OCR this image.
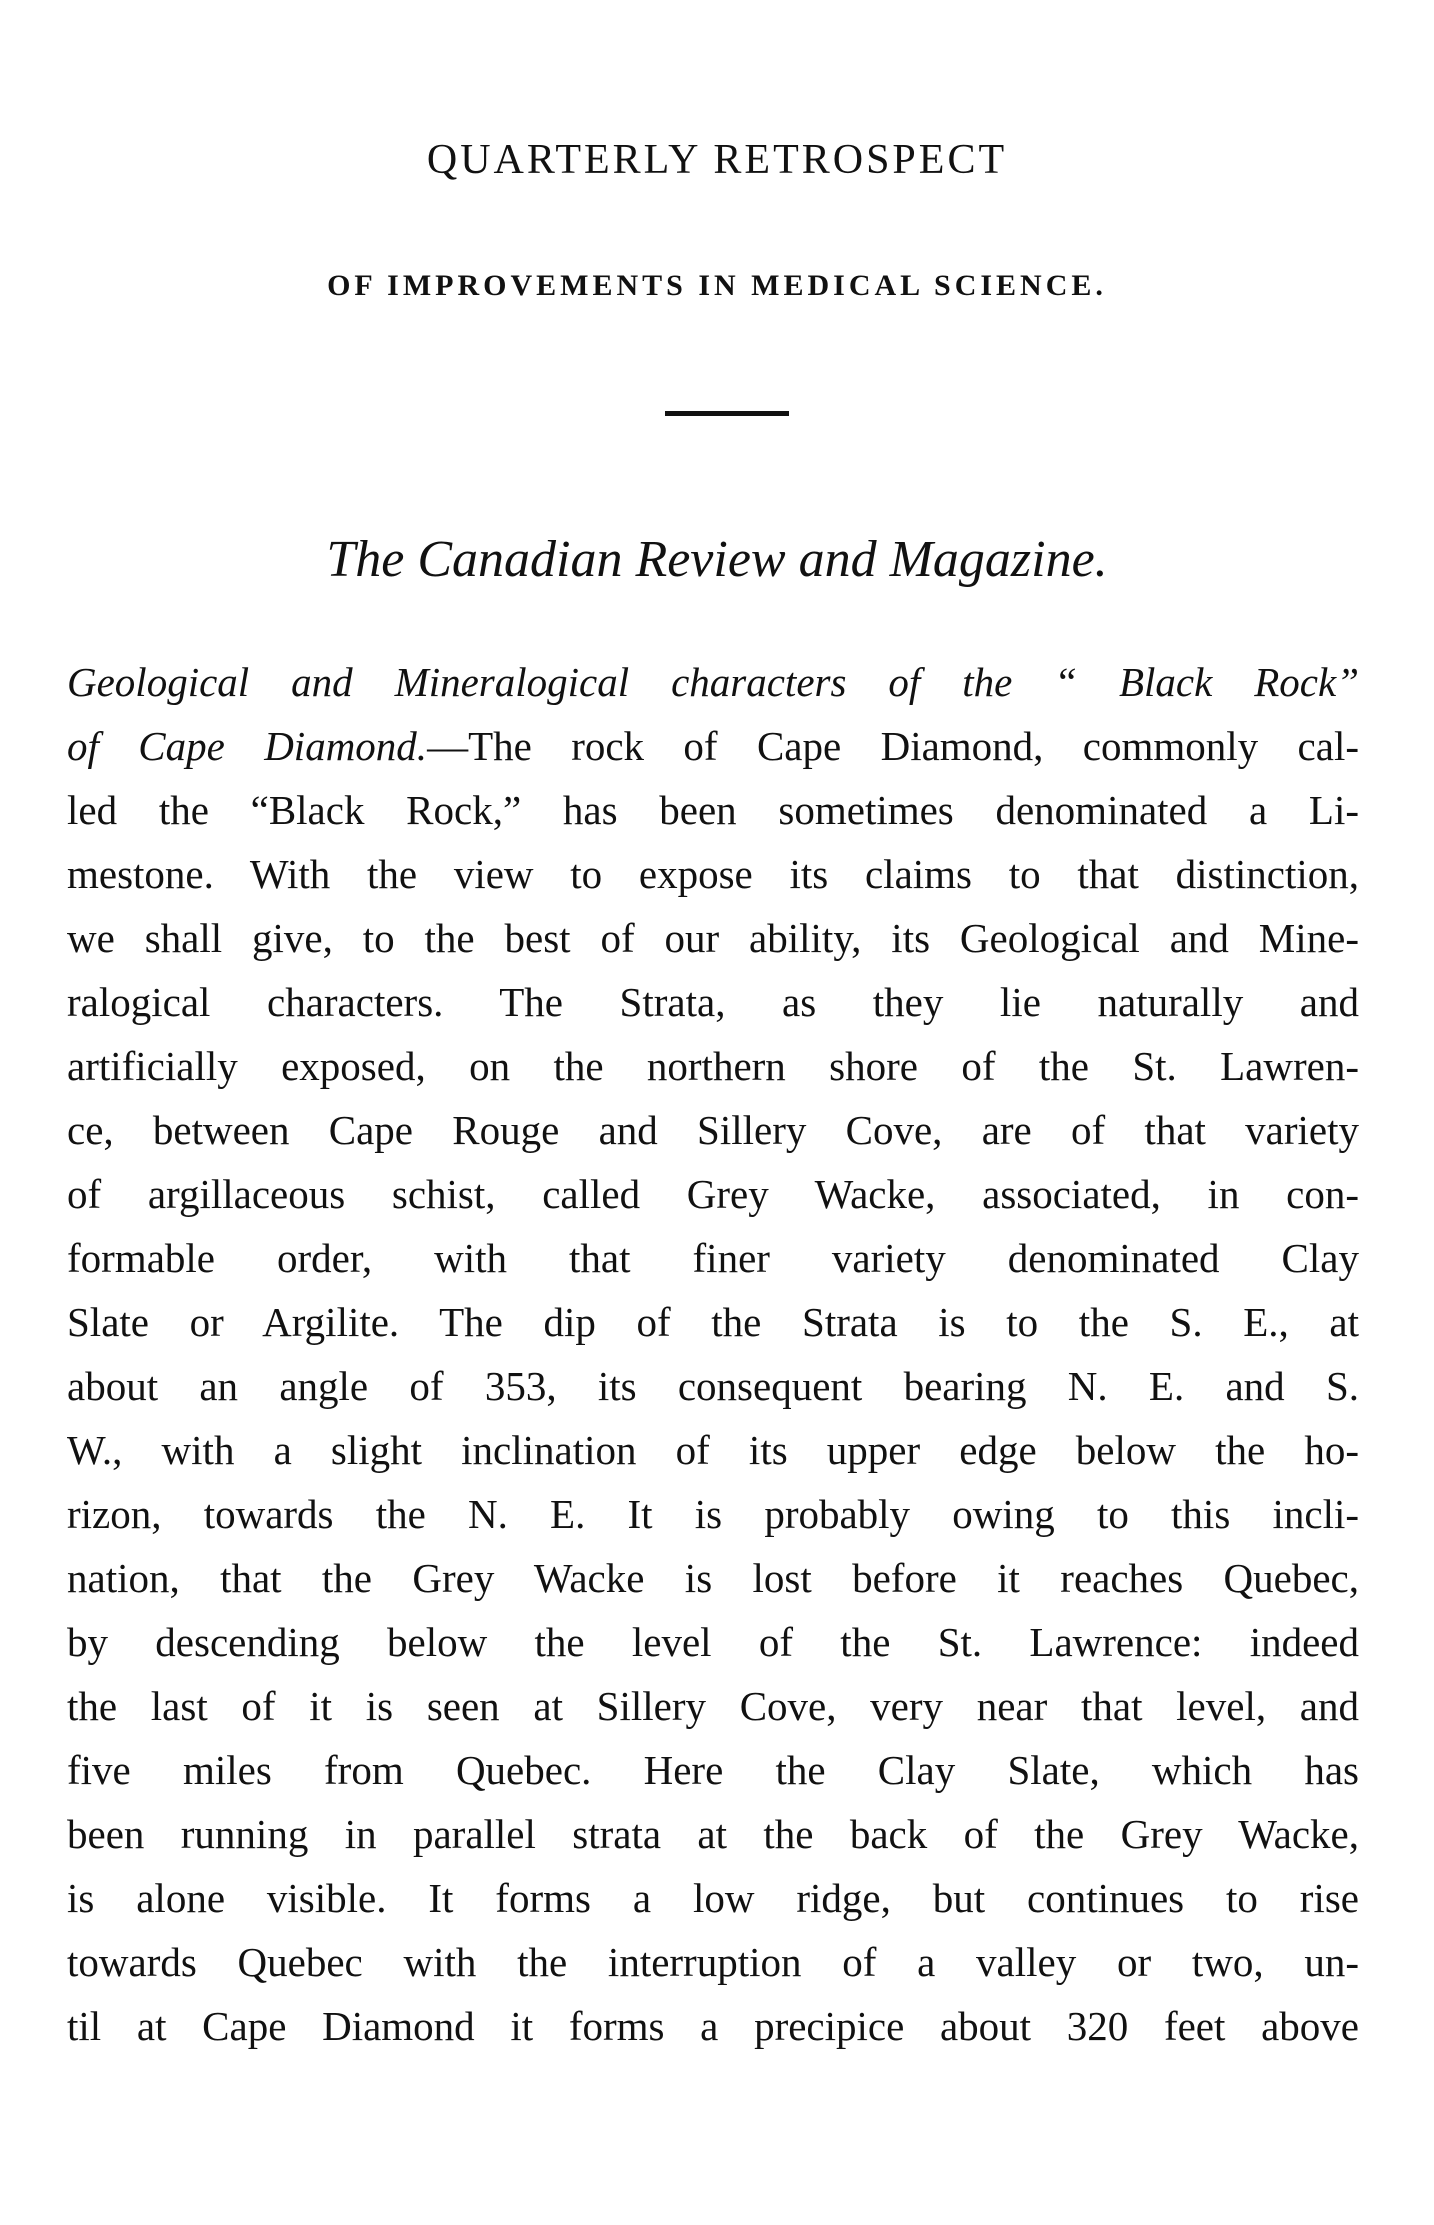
QUARTERLY RETROSPECT
OF IMPROVEMENTS IN MEDICAL SCIENCE.
The Canadian Review and Magazine.
Geological and Mineralogical characters of the “ Black Rock”
of Cape Diamond.—The rock of Cape Diamond, commonly cal-
led the “Black Rock,” has been sometimes denominated a Li-
mestone. With the view to expose its claims to that distinction,
we shall give, to the best of our ability, its Geological and Mine-
ralogical characters. The Strata, as they lie naturally and
artificially exposed, on the northern shore of the St. Lawren-
ce, between Cape Rouge and Sillery Cove, are of that variety
of argillaceous schist, called Grey Wacke, associated, in con-
formable order, with that finer variety denominated Clay
Slate or Argilite. The dip of the Strata is to the S. E., at
about an angle of 353, its consequent bearing N. E. and S.
W., with a slight inclination of its upper edge below the ho-
rizon, towards the N. E. It is probably owing to this incli-
nation, that the Grey Wacke is lost before it reaches Quebec,
by descending below the level of the St. Lawrence: indeed
the last of it is seen at Sillery Cove, very near that level, and
five miles from Quebec. Here the Clay Slate, which has
been running in parallel strata at the back of the Grey Wacke,
is alone visible. It forms a low ridge, but continues to rise
towards Quebec with the interruption of a valley or two, un-
til at Cape Diamond it forms a precipice about 320 feet above
